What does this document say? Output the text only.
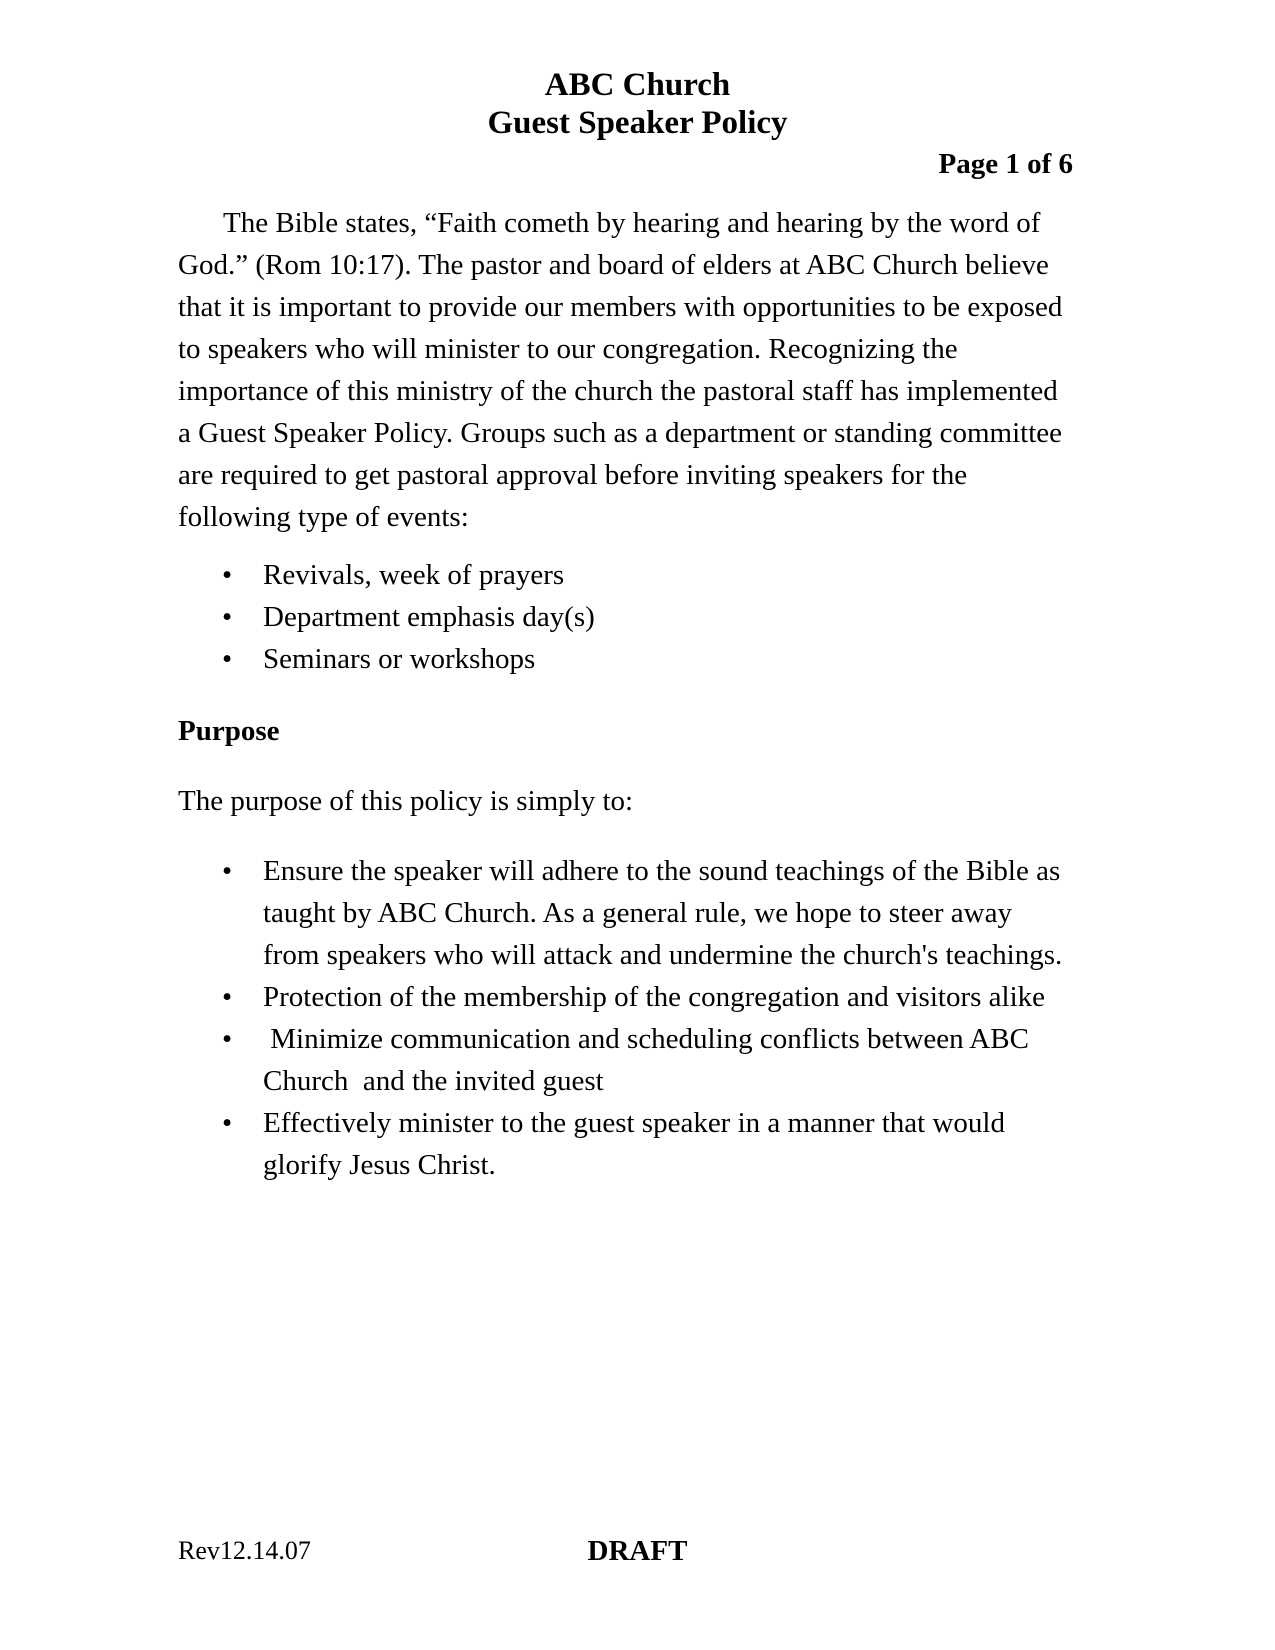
ABC Church
Guest Speaker Policy
Page 1 of 6

The Bible states, “Faith cometh by hearing and hearing by the word of God.” (Rom 10:17). The pastor and board of elders at ABC Church believe that it is important to provide our members with opportunities to be exposed to speakers who will minister to our congregation. Recognizing the importance of this ministry of the church the pastoral staff has implemented a Guest Speaker Policy. Groups such as a department or standing committee are required to get pastoral approval before inviting speakers for the following type of events:

• Revivals, week of prayers
• Department emphasis day(s)
• Seminars or workshops
Purpose

The purpose of this policy is simply to:

• Ensure the speaker will adhere to the sound teachings of the Bible as taught by ABC Church. As a general rule, we hope to steer away from speakers who will attack and undermine the church's teachings.
• Protection of the membership of the congregation and visitors alike
• Minimize communication and scheduling conflicts between ABC Church  and the invited guest
• Effectively minister to the guest speaker in a manner that would glorify Jesus Christ.
Rev12.14.07	DRAFT
